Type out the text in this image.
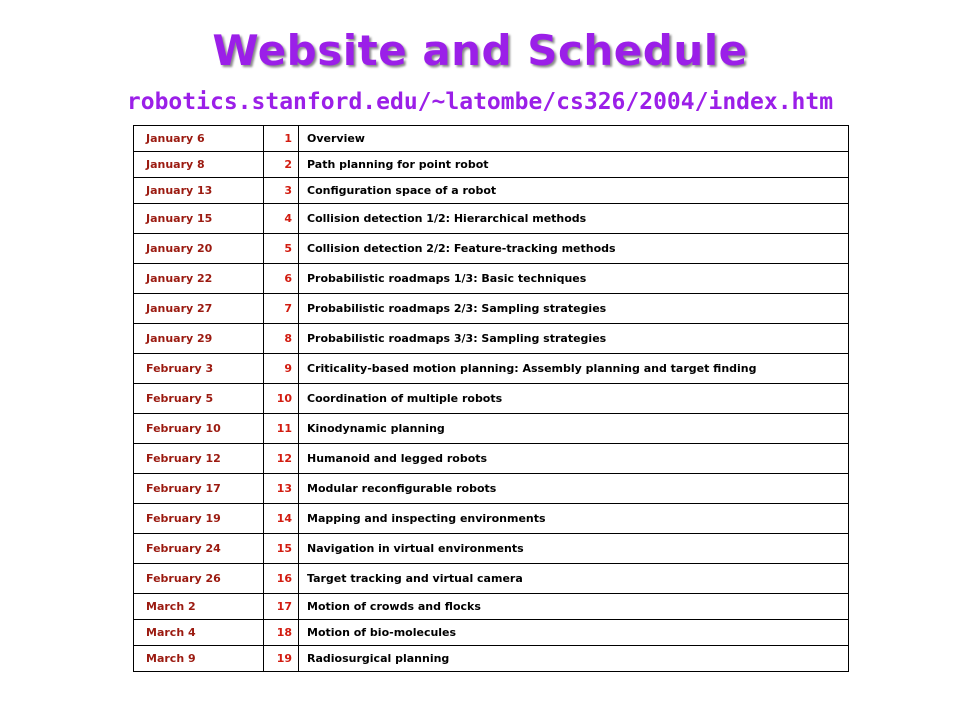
Website and Schedule
robotics.stanford.edu/~latombe/cs326/2004/index.htm
January 6	1	Overview
January 8	2	Path planning for point robot
January 13	3	Configuration space of a robot
January 15	4	Collision detection 1/2: Hierarchical methods
January 20	5	Collision detection 2/2: Feature-tracking methods
January 22	6	Probabilistic roadmaps 1/3: Basic techniques
January 27	7	Probabilistic roadmaps 2/3: Sampling strategies
January 29	8	Probabilistic roadmaps 3/3: Sampling strategies
February 3	9	Criticality-based motion planning: Assembly planning and target finding
February 5	10	Coordination of multiple robots
February 10	11	Kinodynamic planning
February 12	12	Humanoid and legged robots
February 17	13	Modular reconfigurable robots
February 19	14	Mapping and inspecting environments
February 24	15	Navigation in virtual environments
February 26	16	Target tracking and virtual camera
March 2	17	Motion of crowds and flocks
March 4	18	Motion of bio-molecules
March 9	19	Radiosurgical planning
